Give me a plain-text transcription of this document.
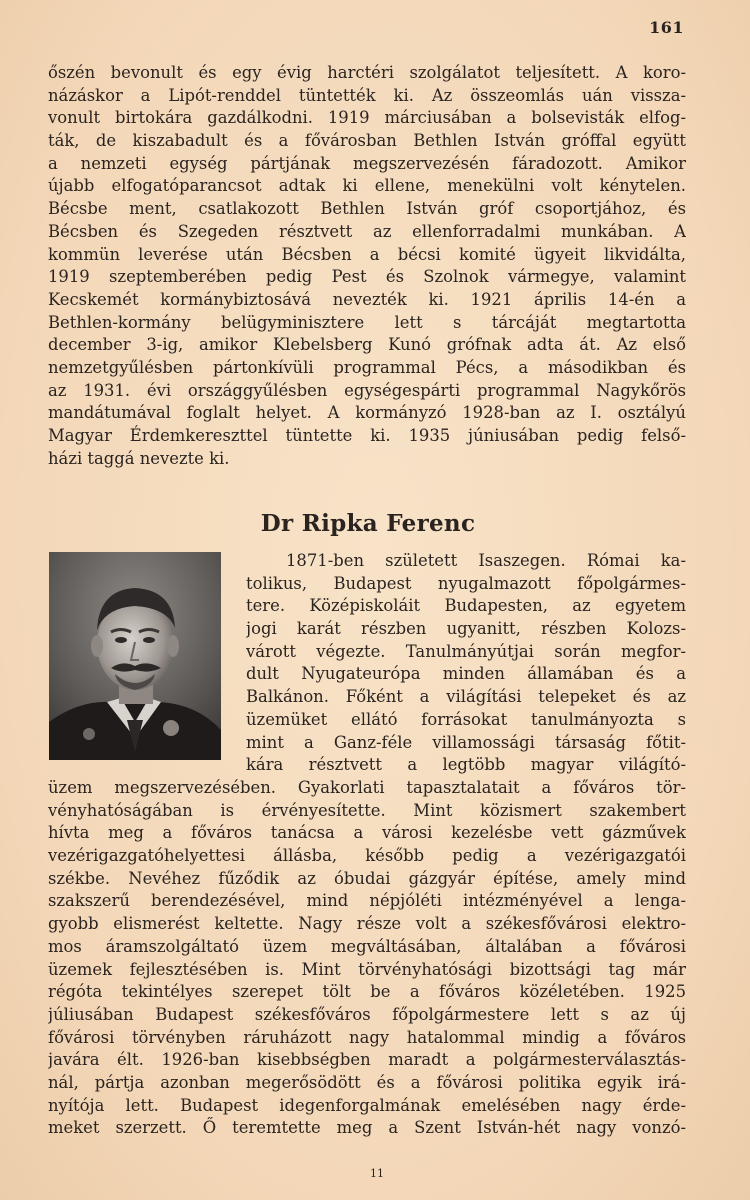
161
őszén bevonult és egy évig harctéri szolgálatot teljesített. A koro-
názáskor a Lipót-renddel tüntették ki. Az összeomlás uán vissza-
vonult birtokára gazdálkodni. 1919 márciusában a bolsevisták elfog-
ták, de kiszabadult és a fővárosban Bethlen István gróffal együtt
a nemzeti egység pártjának megszervezésén fáradozott. Amikor
újabb elfogatóparancsot adtak ki ellene, menekülni volt kénytelen.
Bécsbe ment, csatlakozott Bethlen István gróf csoportjához, és
Bécsben és Szegeden résztvett az ellenforradalmi munkában. A
kommün leverése után Bécsben a bécsi komité ügyeit likvidálta,
1919 szeptemberében pedig Pest és Szolnok vármegye, valamint
Kecskemét kormánybiztosává nevezték ki. 1921 április 14-én a
Bethlen-kormány belügyminisztere lett s tárcáját megtartotta
december 3-ig, amikor Klebelsberg Kunó grófnak adta át. Az első
nemzetgyűlésben pártonkívüli programmal Pécs, a másodikban és
az 1931. évi országgyűlésben egységespárti programmal Nagykőrös
mandátumával foglalt helyet. A kormányzó 1928-ban az I. osztályú
Magyar Érdemkereszttel tüntette ki. 1935 júniusában pedig felső-
házi taggá nevezte ki.
Dr Ripka Ferenc
1871-ben született Isaszegen. Római ka-
tolikus, Budapest nyugalmazott főpolgármes-
tere. Középiskoláit Budapesten, az egyetem
jogi karát részben ugyanitt, részben Kolozs-
várott végezte. Tanulmányútjai során megfor-
dult Nyugateurópa minden államában és a
Balkánon. Főként a világítási telepeket és az
üzemüket ellátó forrásokat tanulmányozta s
mint a Ganz-féle villamossági társaság főtit-
kára résztvett a legtöbb magyar világító-
üzem megszervezésében. Gyakorlati tapasztalatait a főváros tör-
vényhatóságában is érvényesítette. Mint közismert szakembert
hívta meg a főváros tanácsa a városi kezelésbe vett gázművek
vezérigazgatóhelyettesi állásba, később pedig a vezérigazgatói
székbe. Nevéhez fűződik az óbudai gázgyár építése, amely mind
szakszerű berendezésével, mind népjóléti intézményével a lenga-
gyobb elismerést keltette. Nagy része volt a székesfővárosi elektro-
mos áramszolgáltató üzem megváltásában, általában a fővárosi
üzemek fejlesztésében is. Mint törvényhatósági bizottsági tag már
régóta tekintélyes szerepet tölt be a főváros közéletében. 1925
júliusában Budapest székesfőváros főpolgármestere lett s az új
fővárosi törvényben ráruházott nagy hatalommal mindig a főváros
javára élt. 1926-ban kisebbségben maradt a polgármesterválasztás-
nál, pártja azonban megerősödött és a fővárosi politika egyik irá-
nyítója lett. Budapest idegenforgalmának emelésében nagy érde-
meket szerzett. Ő teremtette meg a Szent István-hét nagy vonzó-
11
